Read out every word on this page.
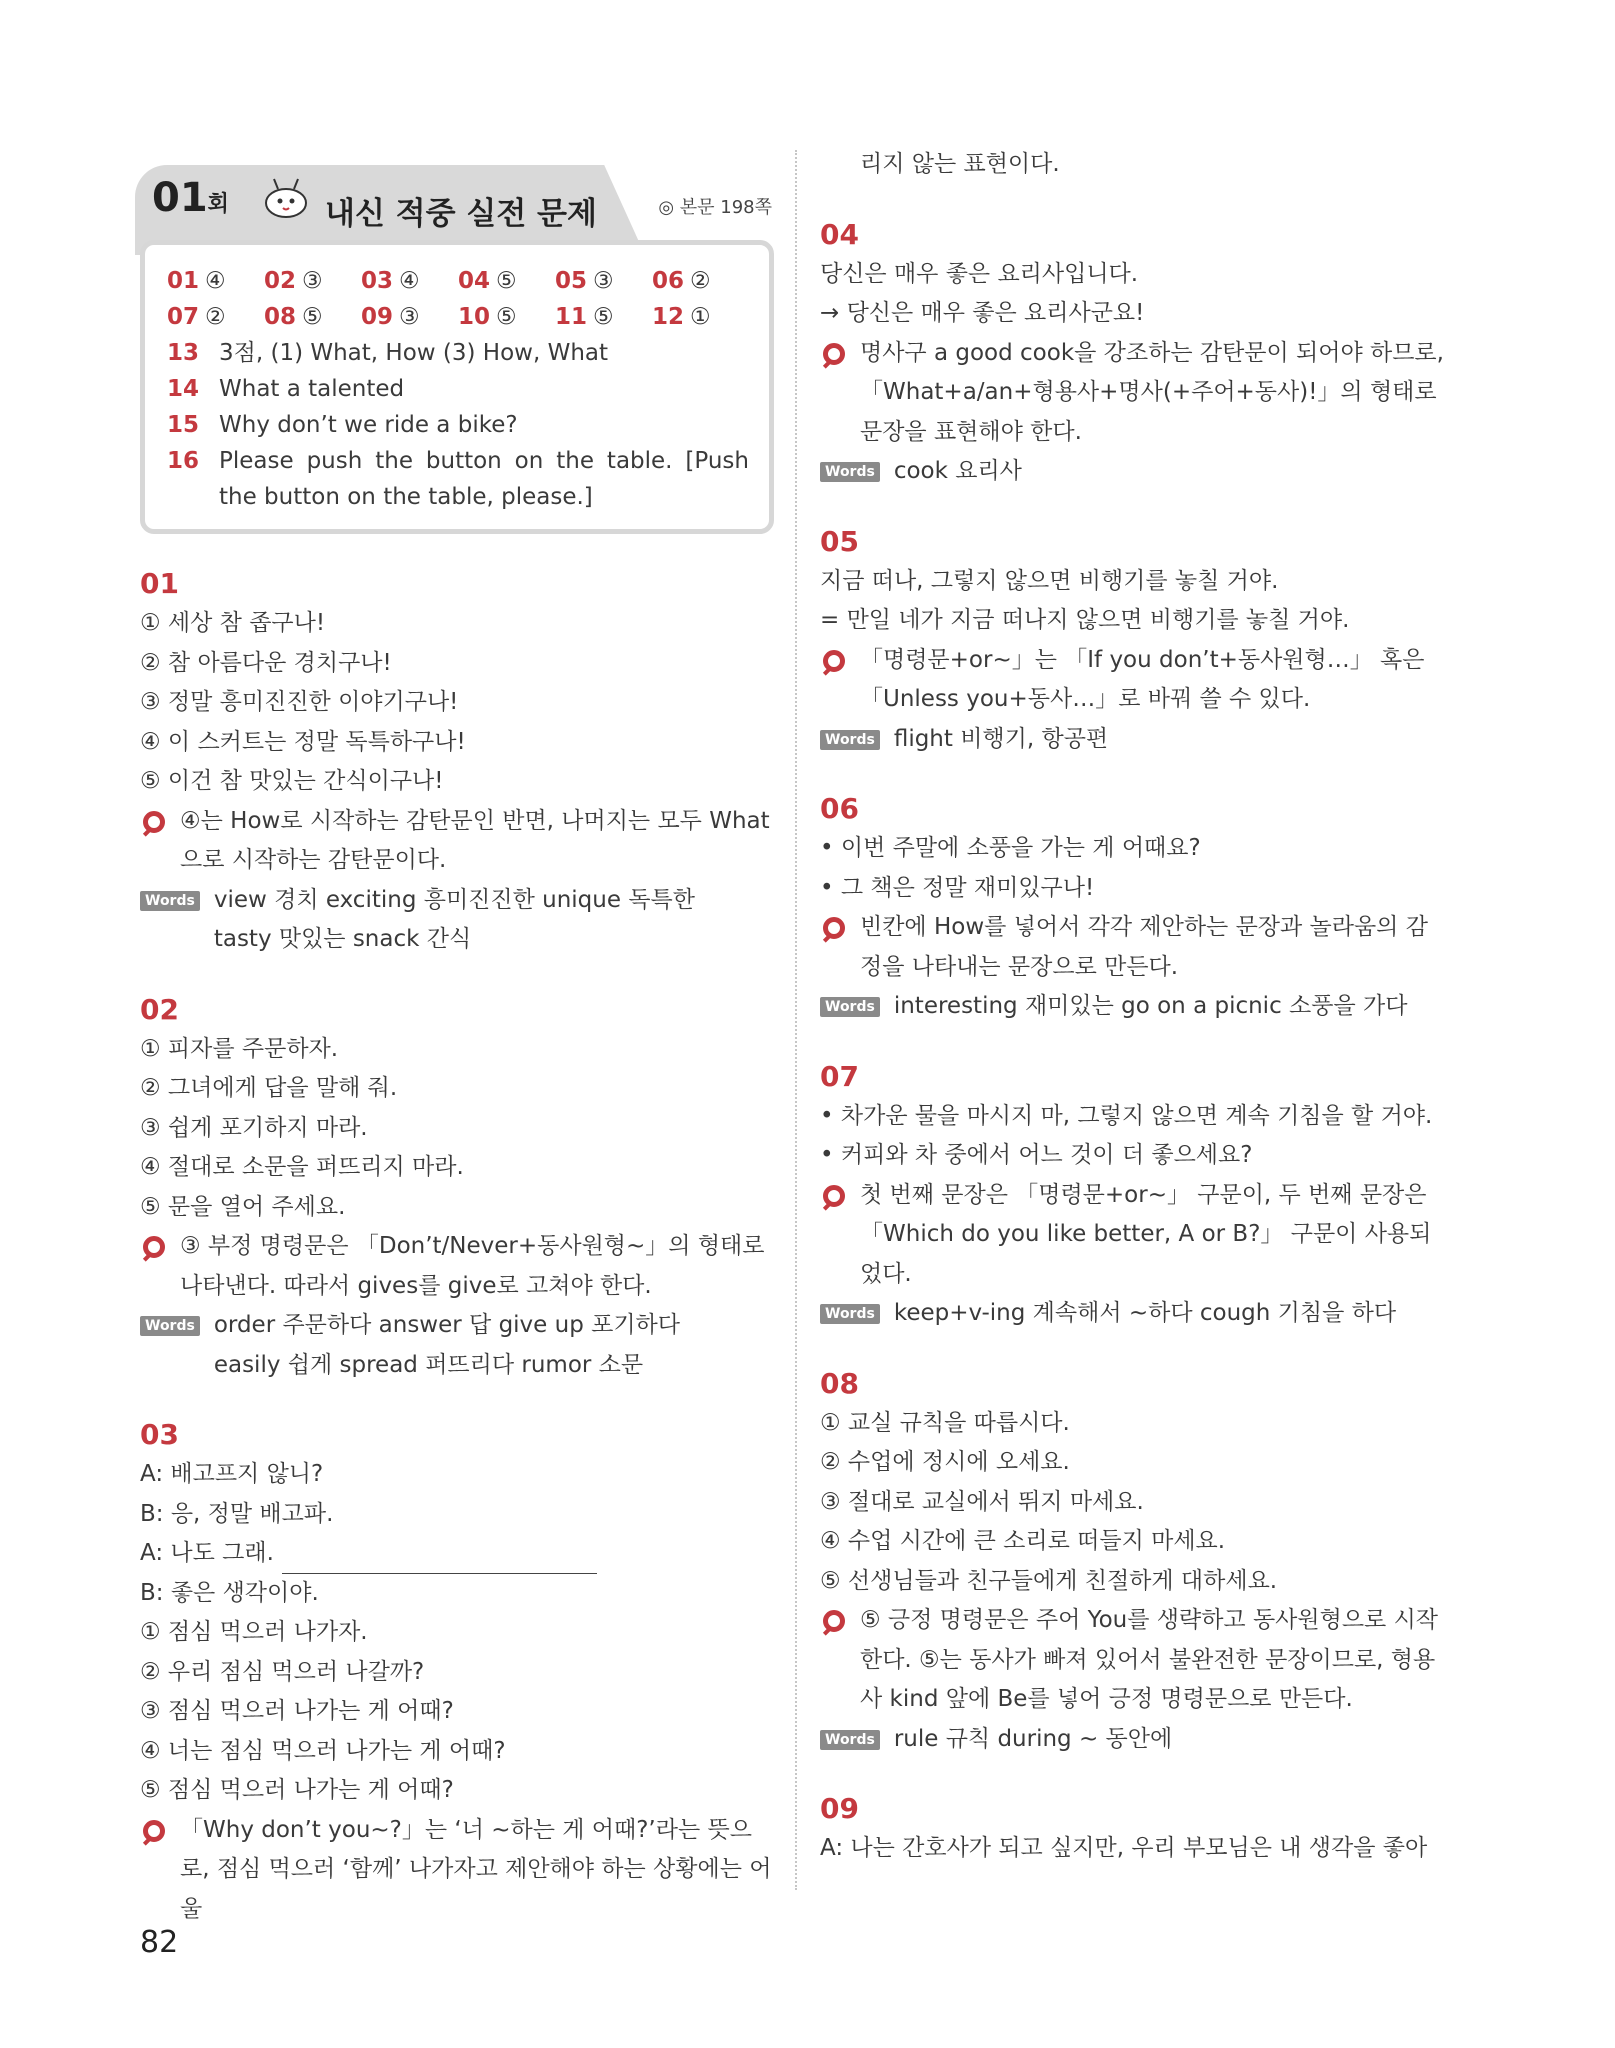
01회	내신 적중 실전 문제	◎ 본문 198쪽
01 ④	02 ③	03 ④	04 ⑤	05 ③	06 ②
07 ②	08 ⑤	09 ③	10 ⑤	11 ⑤	12 ①
13 3점, (1) What, How (3) How, What
14 What a talented
15 Why don’t we ride a bike?
16 Please push the button on the table. [Push the button on the table, please.]
01
① 세상 참 좁구나!
② 참 아름다운 경치구나!
③ 정말 흥미진진한 이야기구나!
④ 이 스커트는 정말 독특하구나!
⑤ 이건 참 맛있는 간식이구나!
④는 How로 시작하는 감탄문인 반면, 나머지는 모두 What으로 시작하는 감탄문이다.
Words view 경치 exciting 흥미진진한 unique 독특한
tasty 맛있는 snack 간식
02
① 피자를 주문하자.
② 그녀에게 답을 말해 줘.
③ 쉽게 포기하지 마라.
④ 절대로 소문을 퍼뜨리지 마라.
⑤ 문을 열어 주세요.
③ 부정 명령문은 「Don’t/Never+동사원형~」의 형태로 나타낸다. 따라서 gives를 give로 고쳐야 한다.
Words order 주문하다 answer 답 give up 포기하다
easily 쉽게 spread 퍼뜨리다 rumor 소문
03
A: 배고프지 않니?
B: 응, 정말 배고파.
A: 나도 그래.
B: 좋은 생각이야.
① 점심 먹으러 나가자.
② 우리 점심 먹으러 나갈까?
③ 점심 먹으러 나가는 게 어때?
④ 너는 점심 먹으러 나가는 게 어때?
⑤ 점심 먹으러 나가는 게 어때?
「Why don’t you~?」는 ‘너 ~하는 게 어때?’라는 뜻으로, 점심 먹으러 ‘함께’ 나가자고 제안해야 하는 상황에는 어울
리지 않는 표현이다.
04
당신은 매우 좋은 요리사입니다.
→ 당신은 매우 좋은 요리사군요!
명사구 a good cook을 강조하는 감탄문이 되어야 하므로, 「What+a/an+형용사+명사(+주어+동사)!」의 형태로 문장을 표현해야 한다.
Words cook 요리사
05
지금 떠나, 그렇지 않으면 비행기를 놓칠 거야.
= 만일 네가 지금 떠나지 않으면 비행기를 놓칠 거야.
「명령문+or~」는 「If you don’t+동사원형…」 혹은 「Unless you+동사…」로 바꿔 쓸 수 있다.
Words flight 비행기, 항공편
06
• 이번 주말에 소풍을 가는 게 어때요?
• 그 책은 정말 재미있구나!
빈칸에 How를 넣어서 각각 제안하는 문장과 놀라움의 감정을 나타내는 문장으로 만든다.
Words interesting 재미있는 go on a picnic 소풍을 가다
07
• 차가운 물을 마시지 마, 그렇지 않으면 계속 기침을 할 거야.
• 커피와 차 중에서 어느 것이 더 좋으세요?
첫 번째 문장은 「명령문+or~」 구문이, 두 번째 문장은 「Which do you like better, A or B?」 구문이 사용되었다.
Words keep+v-ing 계속해서 ~하다 cough 기침을 하다
08
① 교실 규칙을 따릅시다.
② 수업에 정시에 오세요.
③ 절대로 교실에서 뛰지 마세요.
④ 수업 시간에 큰 소리로 떠들지 마세요.
⑤ 선생님들과 친구들에게 친절하게 대하세요.
⑤ 긍정 명령문은 주어 You를 생략하고 동사원형으로 시작한다. ⑤는 동사가 빠져 있어서 불완전한 문장이므로, 형용사 kind 앞에 Be를 넣어 긍정 명령문으로 만든다.
Words rule 규칙 during ~ 동안에
09
A: 나는 간호사가 되고 싶지만, 우리 부모님은 내 생각을 좋아
82
